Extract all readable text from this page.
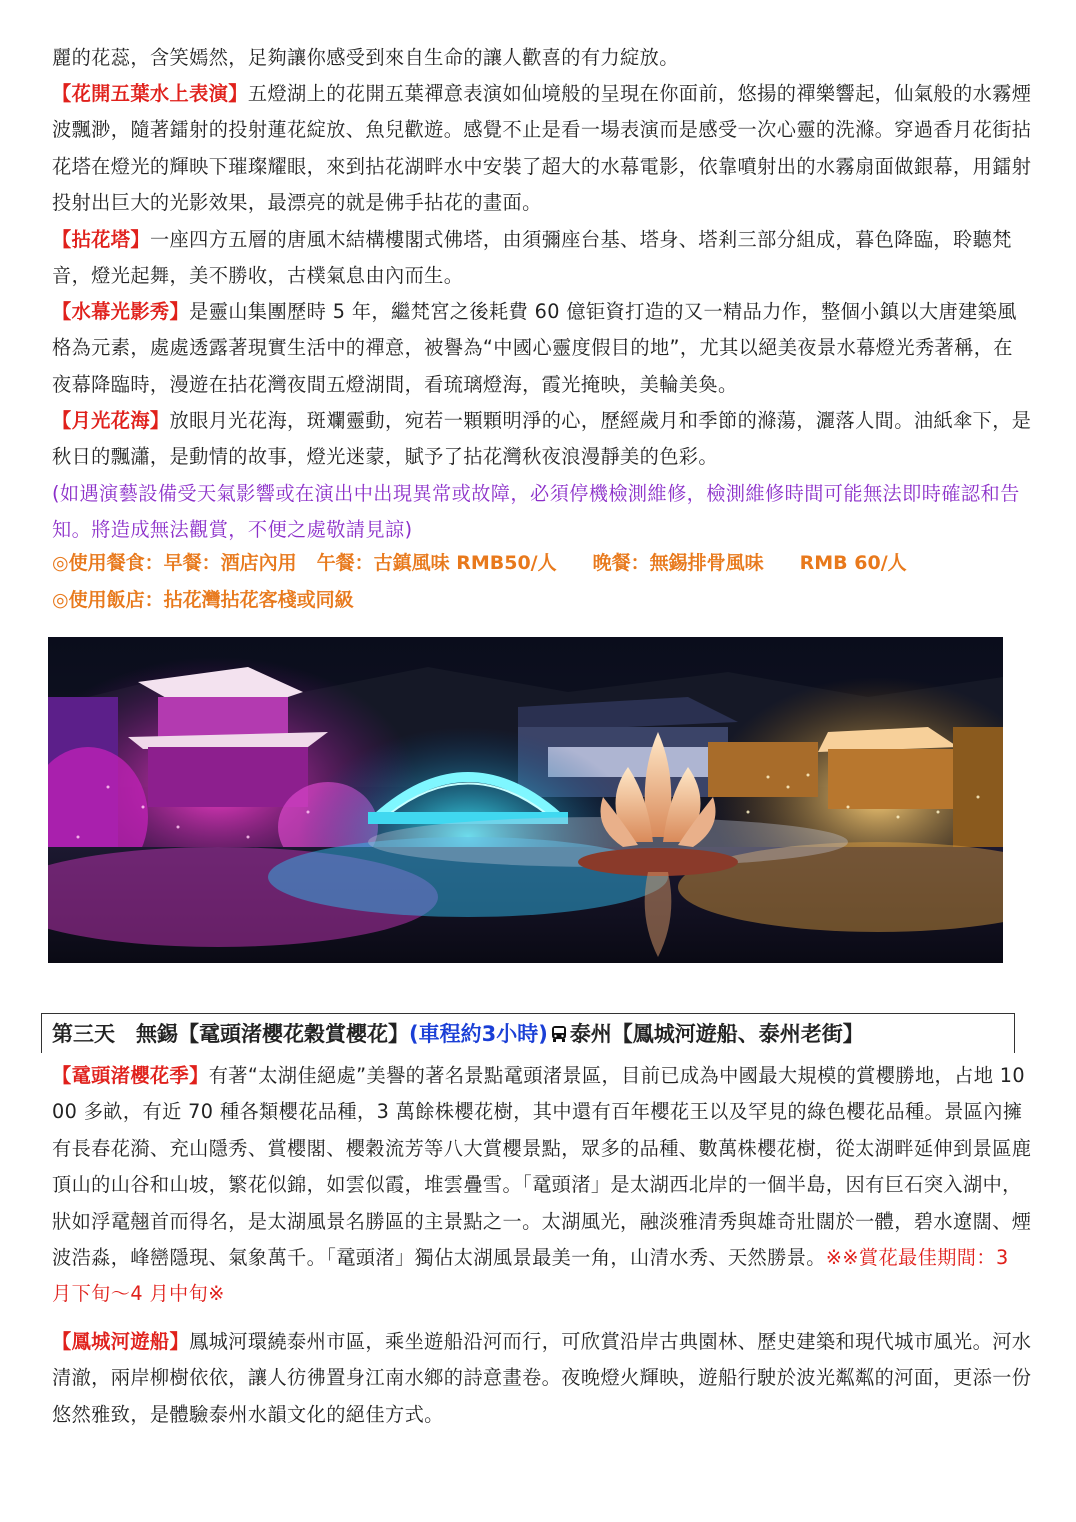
麗的花蕊，含笑嫣然，足夠讓你感受到來自生命的讓人歡喜的有力綻放。

【花開五葉水上表演】五燈湖上的花開五葉禪意表演如仙境般的呈現在你面前，悠揚的禪樂響起，仙氣般的水霧煙波飄渺，隨著鐳射的投射蓮花綻放、魚兒歡遊。感覺不止是看一場表演而是感受一次心靈的洗滌。穿過香月花街拈花塔在燈光的輝映下璀璨耀眼，來到拈花湖畔水中安裝了超大的水幕電影，依靠噴射出的水霧扇面做銀幕，用鐳射投射出巨大的光影效果，最漂亮的就是佛手拈花的畫面。

【拈花塔】一座四方五層的唐風木結構樓閣式佛塔，由須彌座台基、塔身、塔剎三部分組成，暮色降臨，聆聽梵音，燈光起舞，美不勝收，古樸氣息由內而生。

【水幕光影秀】是靈山集團歷時 5 年，繼梵宮之後耗費 60 億钜資打造的又一精品力作，整個小鎮以大唐建築風格為元素，處處透露著現實生活中的禪意，被譽為“中國心靈度假目的地”，尤其以絕美夜景水幕燈光秀著稱，在夜幕降臨時，漫遊在拈花灣夜間五燈湖間，看琉璃燈海，霞光掩映，美輪美奐。

【月光花海】放眼月光花海，斑斕靈動，宛若一顆顆明淨的心，歷經歲月和季節的滌蕩，灑落人間。油紙傘下，是秋日的飄瀟，是動情的故事，燈光迷蒙，賦予了拈花灣秋夜浪漫靜美的色彩。

(如遇演藝設備受天氣影響或在演出中出現異常或故障，必須停機檢測維修，檢測維修時間可能無法即時確認和告知。將造成無法觀賞，不便之處敬請見諒)

◎使用餐食：早餐：酒店內用 午餐：古鎮風味 RMB50/人 晚餐：無錫排骨風味 RMB 60/人
◎使用飯店：拈花灣拈花客棧或同級
第三天　無錫【鼋頭渚櫻花穀賞櫻花】(車程約3小時) 泰州【鳳城河遊船、泰州老街】

【鼋頭渚櫻花季】有著“太湖佳絕處”美譽的著名景點鼋頭渚景區，目前已成為中國最大規模的賞櫻勝地，占地 1000 多畝，有近 70 種各類櫻花品種，3 萬餘株櫻花樹，其中還有百年櫻花王以及罕見的綠色櫻花品種。景區內擁有長春花漪、充山隱秀、賞櫻閣、櫻穀流芳等八大賞櫻景點，眾多的品種、數萬株櫻花樹，從太湖畔延伸到景區鹿頂山的山谷和山坡，繁花似錦，如雲似霞，堆雲疊雪。「鼋頭渚」是太湖西北岸的一個半島，因有巨石突入湖中，狀如浮鼋翹首而得名，是太湖風景名勝區的主景點之一。太湖風光，融淡雅清秀與雄奇壯闊於一體，碧水遼闊、煙波浩淼，峰巒隱現、氣象萬千。「鼋頭渚」獨佔太湖風景最美一角，山清水秀、天然勝景。※※賞花最佳期間：3 月下旬～4 月中旬※

【鳳城河遊船】鳳城河環繞泰州市區，乘坐遊船沿河而行，可欣賞沿岸古典園林、歷史建築和現代城市風光。河水清澈，兩岸柳樹依依，讓人彷彿置身江南水鄉的詩意畫卷。夜晚燈火輝映，遊船行駛於波光粼粼的河面，更添一份悠然雅致，是體驗泰州水韻文化的絕佳方式。
